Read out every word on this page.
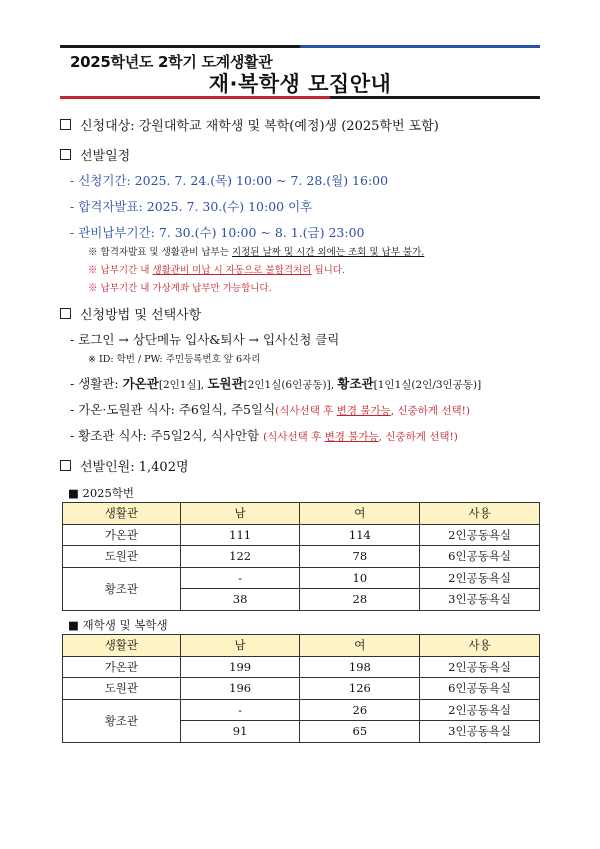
2025학년도 2학기 도계생활관
재·복학생 모집안내
신청대상: 강원대학교 재학생 및 복학(예정)생 (2025학번 포함)
선발일정
- 신청기간: 2025. 7. 24.(목) 10:00 ~ 7. 28.(월) 16:00
- 합격자발표: 2025. 7. 30.(수) 10:00 이후
- 관비납부기간: 7. 30.(수) 10:00 ~ 8. 1.(금) 23:00
※ 합격자발표 및 생활관비 납부는 지정된 날짜 및 시간 외에는 조회 및 납부 불가.
※ 납부기간 내 생활관비 미납 시 자동으로 불합격처리 됩니다.
※ 납부기간 내 가상계좌 납부만 가능합니다.
신청방법 및 선택사항
- 로그인 → 상단메뉴 입사&퇴사 → 입사신청 클릭
※ ID: 학번 / PW: 주민등록번호 앞 6자리
- 생활관: 가온관[2인1실], 도원관[2인1실(6인공동)], 황조관[1인1실(2인/3인공동)]
- 가온·도원관 식사: 주6일식, 주5일식(식사선택 후 변경 불가능, 신중하게 선택!)
- 황조관 식사: 주5일2식, 식사안함 (식사선택 후 변경 불가능, 신중하게 선택!)
선발인원: 1,402명
■ 2025학번
생활관	남	여	사용
가온관	111	114	2인공동욕실
도원관	122	78	6인공동욕실
황조관	-	10	2인공동욕실
	38	28	3인공동욕실
■ 재학생 및 복학생
생활관	남	여	사용
가온관	199	198	2인공동욕실
도원관	196	126	6인공동욕실
황조관	-	26	2인공동욕실
	91	65	3인공동욕실
